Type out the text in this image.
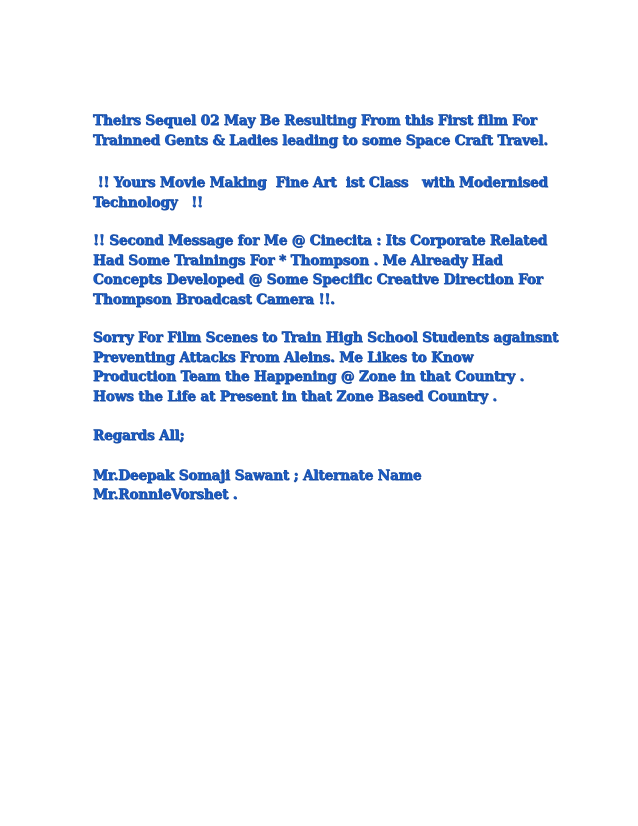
Theirs Sequel 02 May Be Resulting From this First film For
Trainned Gents & Ladies leading to some Space Craft Travel.

!! Yours Movie Making  Fine Art  ist Class   with Modernised
Technology   !!

!! Second Message for Me @ Cinecita : Its Corporate Related
Had Some Trainings For * Thompson . Me Already Had
Concepts Developed @ Some Specific Creative Direction For
Thompson Broadcast Camera !!.

Sorry For Film Scenes to Train High School Students againsnt
Preventing Attacks From Aleins. Me Likes to Know
Production Team the Happening @ Zone in that Country .
Hows the Life at Present in that Zone Based Country .

Regards All;

Mr.Deepak Somaji Sawant ; Alternate Name
Mr.RonnieVorshet .
